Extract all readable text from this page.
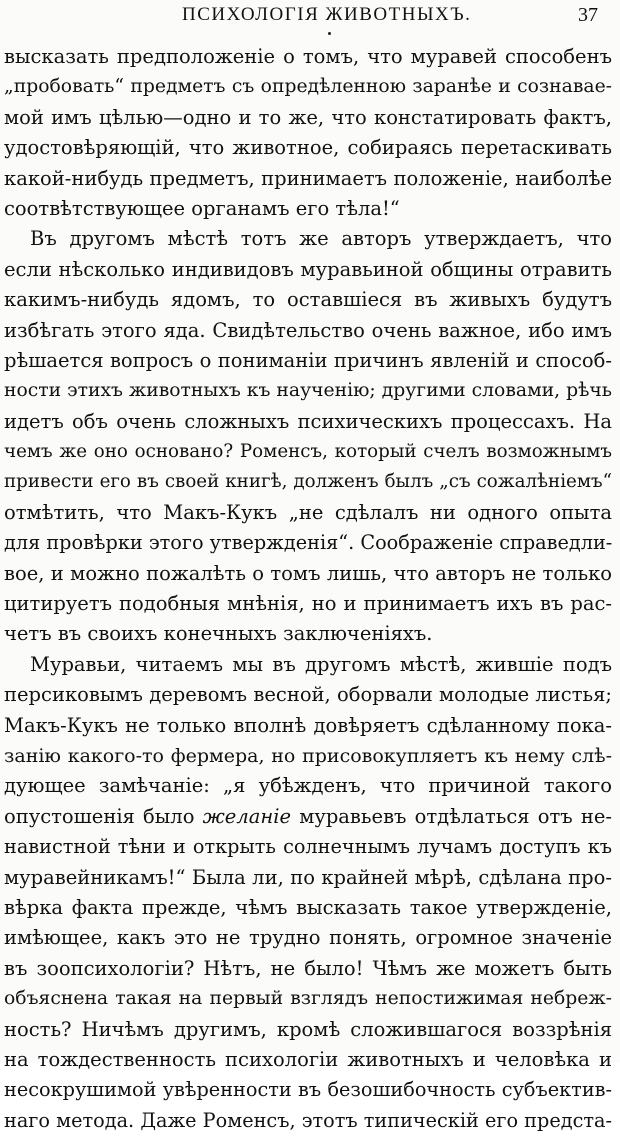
ПСИХОЛОГIЯ ЖИВОТНЫХЪ.	37
высказать предположенiе о томъ, что муравей способенъ
„пробовать“ предметъ съ опредѣленною заранѣе и сознавае-
мой имъ цѣлью—одно и то же, что констатировать фактъ,
удостовѣряющiй, что животное, собираясь перетаскивать
какой-нибудь предметъ, принимаетъ положенiе, наиболѣе
соотвѣтствующее органамъ его тѣла!“
Въ другомъ мѣстѣ тотъ же авторъ утверждаетъ, что
если нѣсколько индивидовъ муравьиной общины отравить
какимъ-нибудь ядомъ, то оставшiеся въ живыхъ будутъ
избѣгать этого яда. Свидѣтельство очень важное, ибо имъ
рѣшается вопросъ о пониманiи причинъ явленiй и способ-
ности этихъ животныхъ къ наученiю; другими словами, рѣчь
идетъ объ очень сложныхъ психическихъ процессахъ. На
чемъ же оно основано? Роменсъ, который счелъ возможнымъ
привести его въ своей книгѣ, долженъ былъ „съ сожалѣнiемъ“
отмѣтить, что Макъ-Кукъ „не сдѣлалъ ни одного опыта
для провѣрки этого утвержденiя“. Соображенiе справедли-
вое, и можно пожалѣть о томъ лишь, что авторъ не только
цитируетъ подобныя мнѣнiя, но и принимаетъ ихъ въ рас-
четъ въ своихъ конечныхъ заключенiяхъ.
Муравьи, читаемъ мы въ другомъ мѣстѣ, жившiе подъ
персиковымъ деревомъ весной, оборвали молодые листья;
Макъ-Кукъ не только вполнѣ довѣряетъ сдѣланному пока-
занiю какого-то фермера, но присовокупляетъ къ нему слѣ-
дующее замѣчанiе: „я убѣжденъ, что причиной такого
опустошенiя было желанiе муравьевъ отдѣлаться отъ не-
навистной тѣни и открыть солнечнымъ лучамъ доступъ къ
муравейникамъ!“ Была ли, по крайней мѣрѣ, сдѣлана про-
вѣрка факта прежде, чѣмъ высказать такое утвержденiе,
имѣющее, какъ это не трудно понять, огромное значенiе
въ зоопсихологiи? Нѣтъ, не было! Чѣмъ же можетъ быть
объяснена такая на первый взглядъ непостижимая небреж-
ность? Ничѣмъ другимъ, кромѣ сложившагося воззрѣнiя
на тождественность психологiи животныхъ и человѣка и
несокрушимой увѣренности въ безошибочность субъектив-
наго метода. Даже Роменсъ, этотъ типическiй его предста-
